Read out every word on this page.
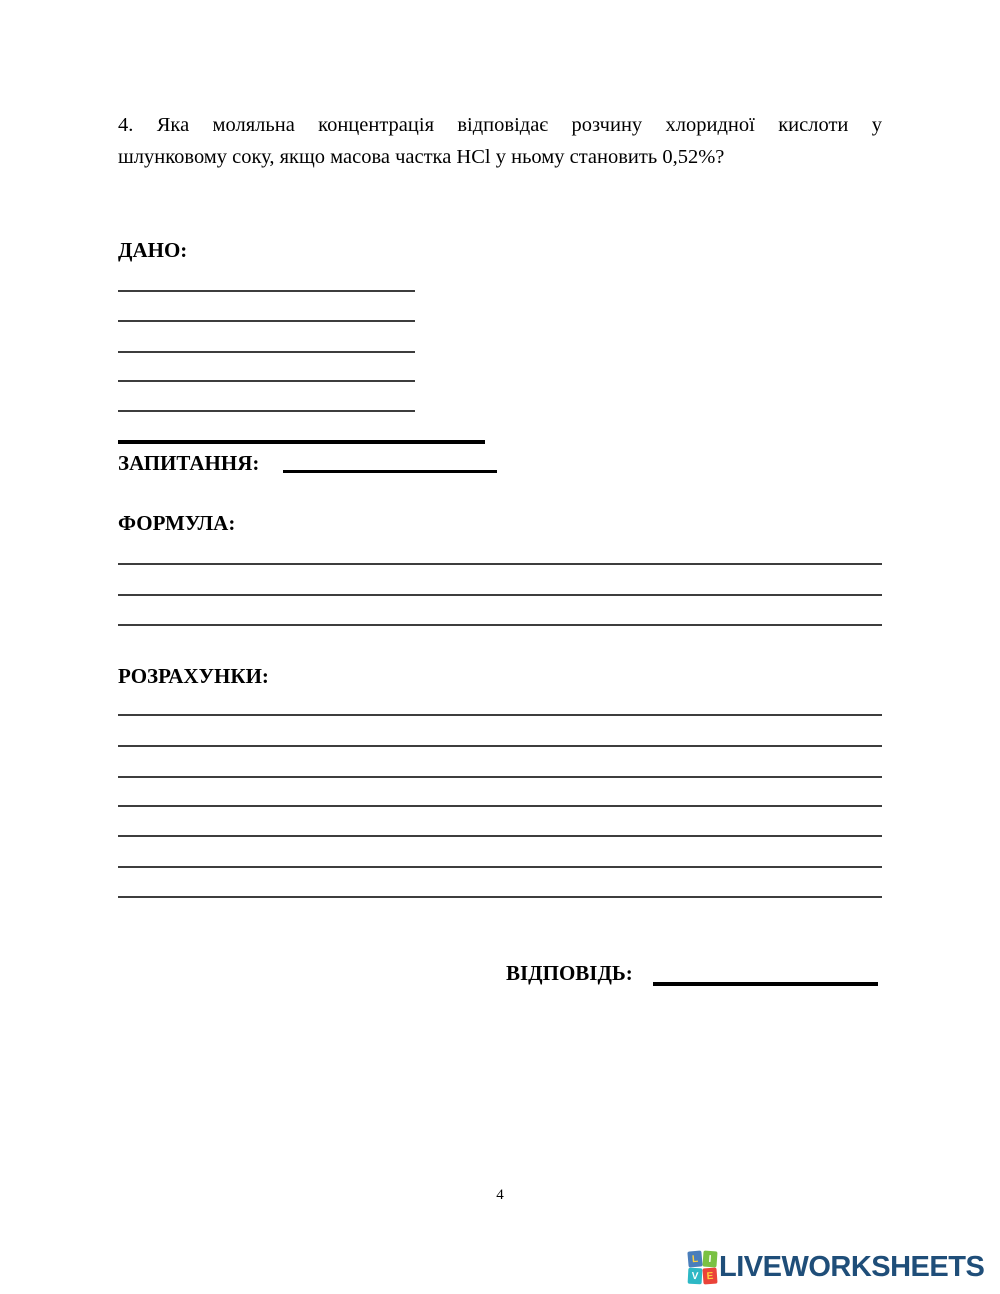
4. Яка моляльна концентрація відповідає розчину хлоридної кислоти у
шлунковому соку, якщо масова частка HCl у ньому становить 0,52%?
ДАНО:
ЗАПИТАННЯ:
ФОРМУЛА:
РОЗРАХУНКИ:
ВІДПОВІДЬ:
4
L I
V E LIVEWORKSHEETS
